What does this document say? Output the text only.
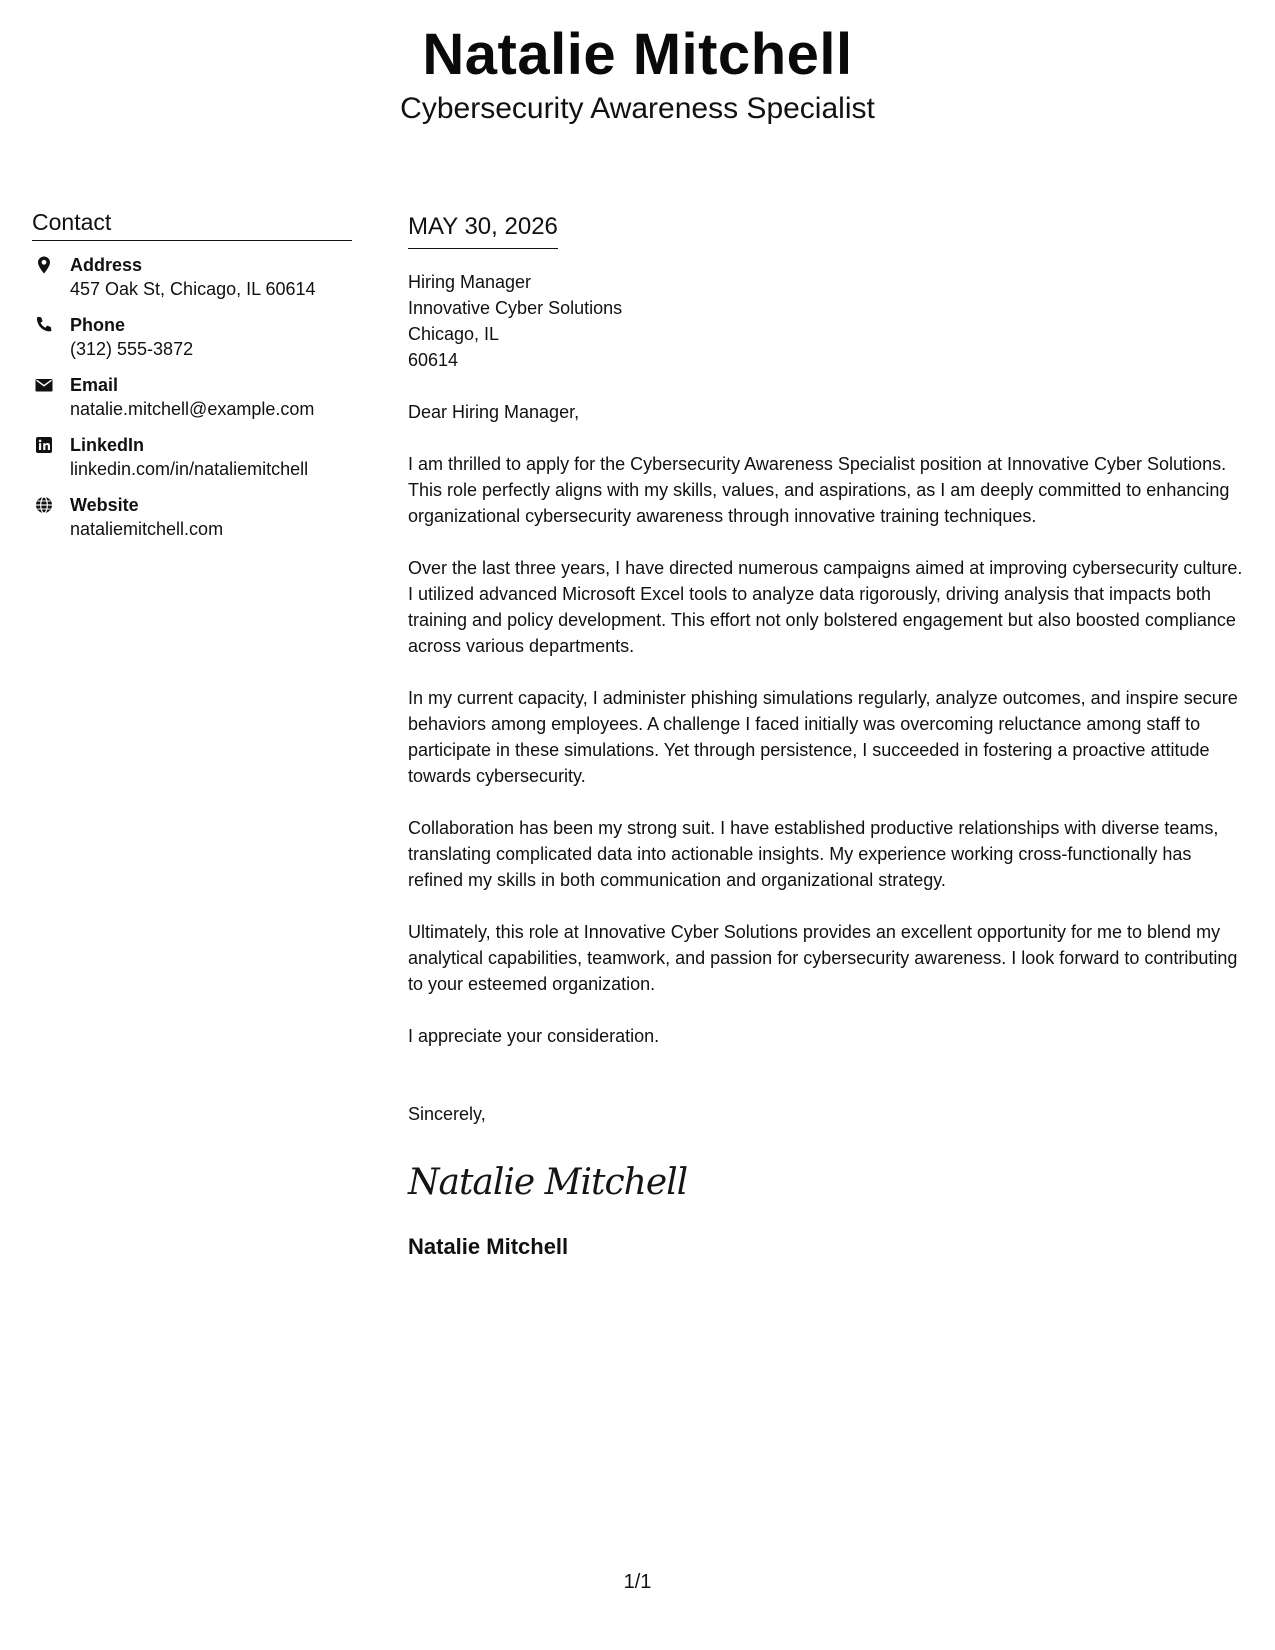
Natalie Mitchell
Cybersecurity Awareness Specialist
Contact
Address
457 Oak St, Chicago, IL 60614
Phone
(312) 555-3872
Email
natalie.mitchell@example.com
LinkedIn
linkedin.com/in/nataliemitchell
Website
nataliemitchell.com
MAY 30, 2026
Hiring Manager
Innovative Cyber Solutions
Chicago, IL
60614
Dear Hiring Manager,
I am thrilled to apply for the Cybersecurity Awareness Specialist position at Innovative Cyber Solutions. This role perfectly aligns with my skills, values, and aspirations, as I am deeply committed to enhancing organizational cybersecurity awareness through innovative training techniques.
Over the last three years, I have directed numerous campaigns aimed at improving cybersecurity culture. I utilized advanced Microsoft Excel tools to analyze data rigorously, driving analysis that impacts both training and policy development. This effort not only bolstered engagement but also boosted compliance across various departments.
In my current capacity, I administer phishing simulations regularly, analyze outcomes, and inspire secure behaviors among employees. A challenge I faced initially was overcoming reluctance among staff to participate in these simulations. Yet through persistence, I succeeded in fostering a proactive attitude towards cybersecurity.
Collaboration has been my strong suit. I have established productive relationships with diverse teams, translating complicated data into actionable insights. My experience working cross-functionally has refined my skills in both communication and organizational strategy.
Ultimately, this role at Innovative Cyber Solutions provides an excellent opportunity for me to blend my analytical capabilities, teamwork, and passion for cybersecurity awareness. I look forward to contributing to your esteemed organization.
I appreciate your consideration.
Sincerely,
Natalie Mitchell
Natalie Mitchell
1/1
